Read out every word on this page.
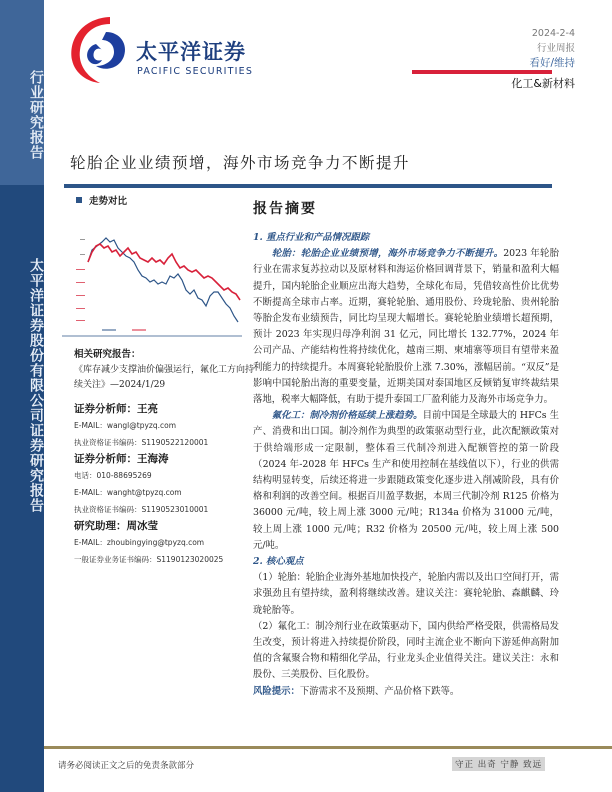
行业研究报告
太平洋证券股份有限公司证券研究报告
太平洋证券
PACIFIC SECURITIES
2024-2-4
行业周报
看好/维持
化工&新材料
轮胎企业业绩预增，海外市场竞争力不断提升
走势对比
相关研究报告：
《库存减少支撑油价偏强运行，氟化工方向持续关注》—2024/1/29
证券分析师：王亮
E-MAIL：wangl@tpyzq.com
执业资格证书编码：S1190522120001
证券分析师：王海涛
电话：010-88695269
E-MAIL：wanght@tpyzq.com
执业资格证书编码：S1190523010001
研究助理：周冰莹
E-MAIL：zhoubingying@tpyzq.com
一般证券业务证书编码：S1190123020025
报告摘要
1. 重点行业和产品情况跟踪

轮胎：轮胎企业业绩预增，海外市场竞争力不断提升。2023 年轮胎行业在需求复苏拉动以及原材料和海运价格回调背景下，销量和盈利大幅提升，国内轮胎企业顺应出海大趋势，全球化布局，凭借较高性价比优势不断提高全球市占率。近期，赛轮轮胎、通用股份、玲珑轮胎、贵州轮胎等胎企发布业绩预告，同比均呈现大幅增长。赛轮轮胎业绩增长超预期，预计 2023 年实现归母净利润 31 亿元，同比增长 132.77%，2024 年公司产品、产能结构性将持续优化，越南三期、柬埔寨等项目有望带来盈利能力的持续提升。本周赛轮轮胎股价上涨 7.30%，涨幅居前。“双反”是影响中国轮胎出海的重要变量，近期美国对泰国地区反倾销复审终裁结果落地，税率大幅降低，有助于提升泰国工厂盈利能力及海外市场竞争力。

氟化工：制冷剂价格延续上涨趋势。目前中国是全球最大的 HFCs 生产、消费和出口国。制冷剂作为典型的政策驱动型行业，此次配额政策对于供给端形成一定限制，整体看三代制冷剂进入配额管控的第一阶段（2024 年-2028 年 HFCs 生产和使用控制在基线值以下），行业的供需结构明显转变，后续还将进一步跟随政策变化逐步进入削减阶段，具有价格和利润的改善空间。根据百川盈孚数据，本周三代制冷剂 R125 价格为 36000 元/吨，较上周上涨 3000 元/吨；R134a 价格为 31000 元/吨，较上周上涨 1000 元/吨；R32 价格为 20500 元/吨，较上周上涨 500 元/吨。

2. 核心观点

（1）轮胎：轮胎企业海外基地加快投产，轮胎内需以及出口空间打开，需求强劲且有望持续，盈利将继续改善。建议关注：赛轮轮胎、森麒麟、玲珑轮胎等。

（2）氟化工：制冷剂行业在政策驱动下，国内供给严格受限，供需格局发生改变，预计将进入持续提价阶段，同时主流企业不断向下游延伸高附加值的含氟聚合物和精细化学品，行业龙头企业值得关注。建议关注：永和股份、三美股份、巨化股份。

风险提示：下游需求不及预期、产品价格下跌等。

请务必阅读正文之后的免责条款部分	守正 出奇 宁静 致远
